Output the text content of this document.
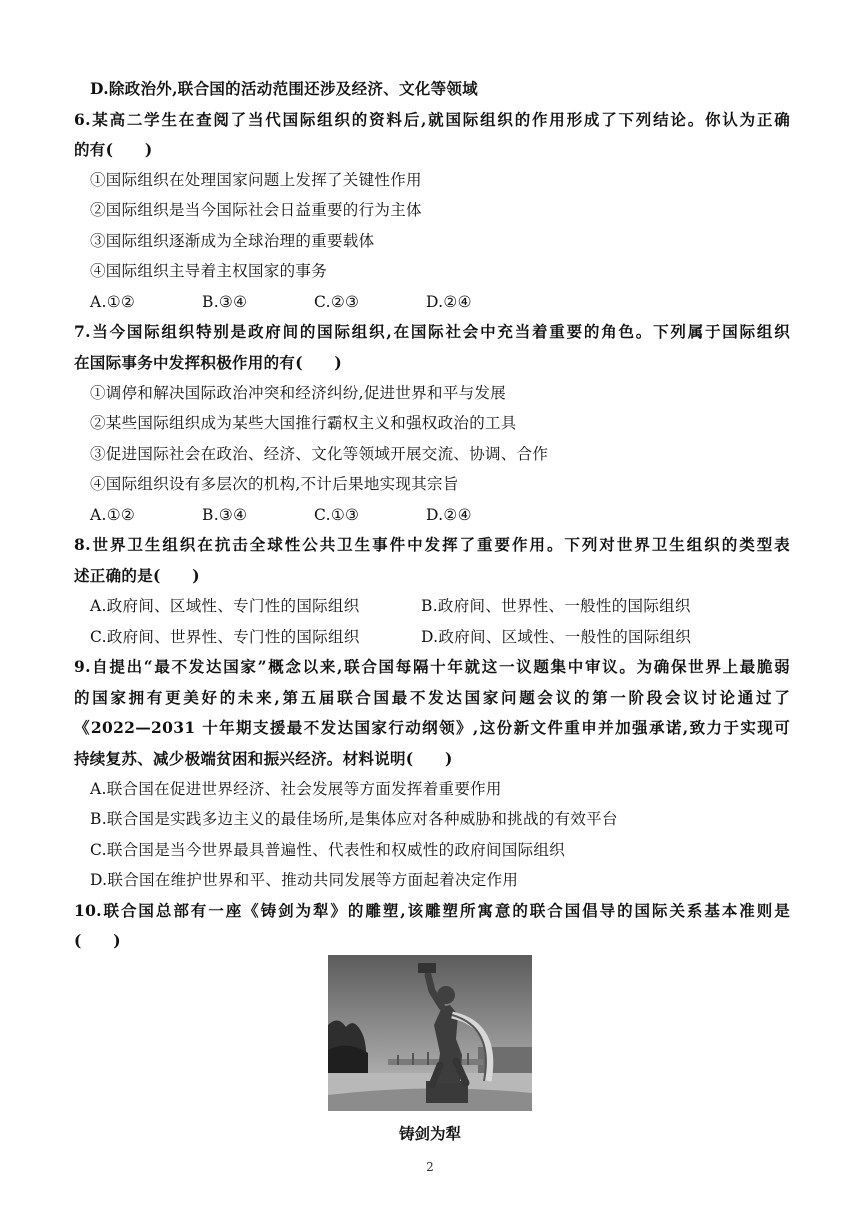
D.除政治外,联合国的活动范围还涉及经济、文化等领域
6.某高二学生在查阅了当代国际组织的资料后,就国际组织的作用形成了下列结论。你认为正确
的有(　　)
①国际组织在处理国家问题上发挥了关键性作用
②国际组织是当今国际社会日益重要的行为主体
③国际组织逐渐成为全球治理的重要载体
④国际组织主导着主权国家的事务
A.①②	B.③④	C.②③	D.②④
7.当今国际组织特别是政府间的国际组织,在国际社会中充当着重要的角色。下列属于国际组织
在国际事务中发挥积极作用的有(　　)
①调停和解决国际政治冲突和经济纠纷,促进世界和平与发展
②某些国际组织成为某些大国推行霸权主义和强权政治的工具
③促进国际社会在政治、经济、文化等领域开展交流、协调、合作
④国际组织设有多层次的机构,不计后果地实现其宗旨
A.①②	B.③④	C.①③	D.②④
8.世界卫生组织在抗击全球性公共卫生事件中发挥了重要作用。下列对世界卫生组织的类型表
述正确的是(　　)
A.政府间、区域性、专门性的国际组织	B.政府间、世界性、一般性的国际组织
C.政府间、世界性、专门性的国际组织	D.政府间、区域性、一般性的国际组织
9.自提出“最不发达国家”概念以来,联合国每隔十年就这一议题集中审议。为确保世界上最脆弱
的国家拥有更美好的未来,第五届联合国最不发达国家问题会议的第一阶段会议讨论通过了
《2022—2031 十年期支援最不发达国家行动纲领》,这份新文件重申并加强承诺,致力于实现可
持续复苏、减少极端贫困和振兴经济。材料说明(　　)
A.联合国在促进世界经济、社会发展等方面发挥着重要作用
B.联合国是实践多边主义的最佳场所,是集体应对各种威胁和挑战的有效平台
C.联合国是当今世界最具普遍性、代表性和权威性的政府间国际组织
D.联合国在维护世界和平、推动共同发展等方面起着决定作用
10.联合国总部有一座《铸剑为犁》的雕塑,该雕塑所寓意的联合国倡导的国际关系基本准则是
(　　)
铸剑为犁
2
